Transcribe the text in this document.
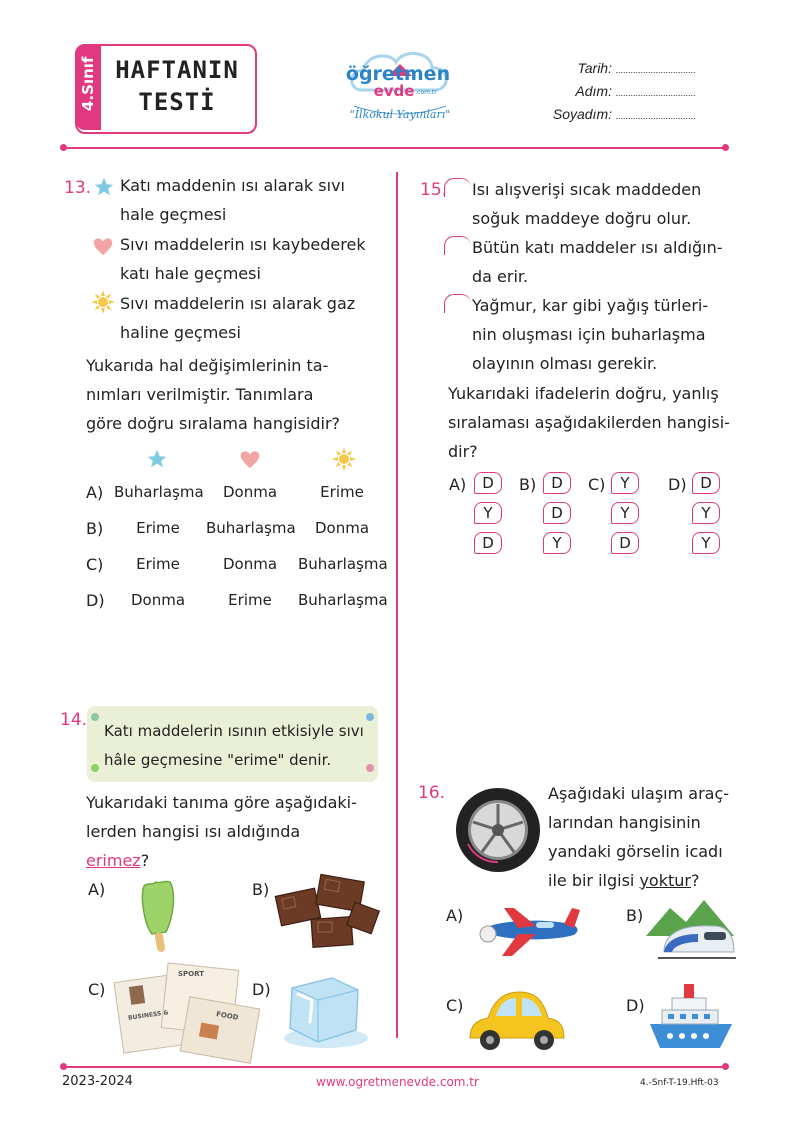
4.Sınıf HAFTANIN
TESTİ
öğretmen
evde .com.tr
"İlkokul Yayınları"
Tarih: ................................
Adım: ................................
Soyadım: ................................
13. Katı maddenin ısı alarak sıvı
hale geçmesi
Sıvı maddelerin ısı kaybederek
katı hale geçmesi
Sıvı maddelerin ısı alarak gaz
haline geçmesi
Yukarıda hal değişimlerinin ta-
nımları verilmiştir. Tanımlara
göre doğru sıralama hangisidir?
A) Buharlaşma	Donma	Erime
B)	Erime	Buharlaşma	Donma
C)	Erime	Donma	Buharlaşma
D)	Donma	Erime	Buharlaşma
14.
Katı maddelerin ısının etkisiyle sıvı
hâle geçmesine "erime" denir.
Yukarıdaki tanıma göre aşağıdaki-
lerden hangisi ısı aldığında
erimez?
A)	B)
C)
SPORT
BUSINESS &	FOOD
D)
15. Isı alışverişi sıcak maddeden
soğuk maddeye doğru olur.
Bütün katı maddeler ısı aldığın-
da erir.
Yağmur, kar gibi yağış türleri-
nin oluşması için buharlaşma
olayının olması gerekir.
Yukarıdaki ifadelerin doğru, yanlış
sıralaması aşağıdakilerden hangisi-
dir?
A)	D
Y
D
B)	D
D
Y
C) Y
Y
D
D) D
Y
Y
16.	Aşağıdaki ulaşım araç-
larından hangisinin
yandaki görselin icadı
ile bir ilgisi yoktur?
A)	B)
C)	D)
2023-2024	www.ogretmenevde.com.tr	4.-Snf-T-19.Hft-03
